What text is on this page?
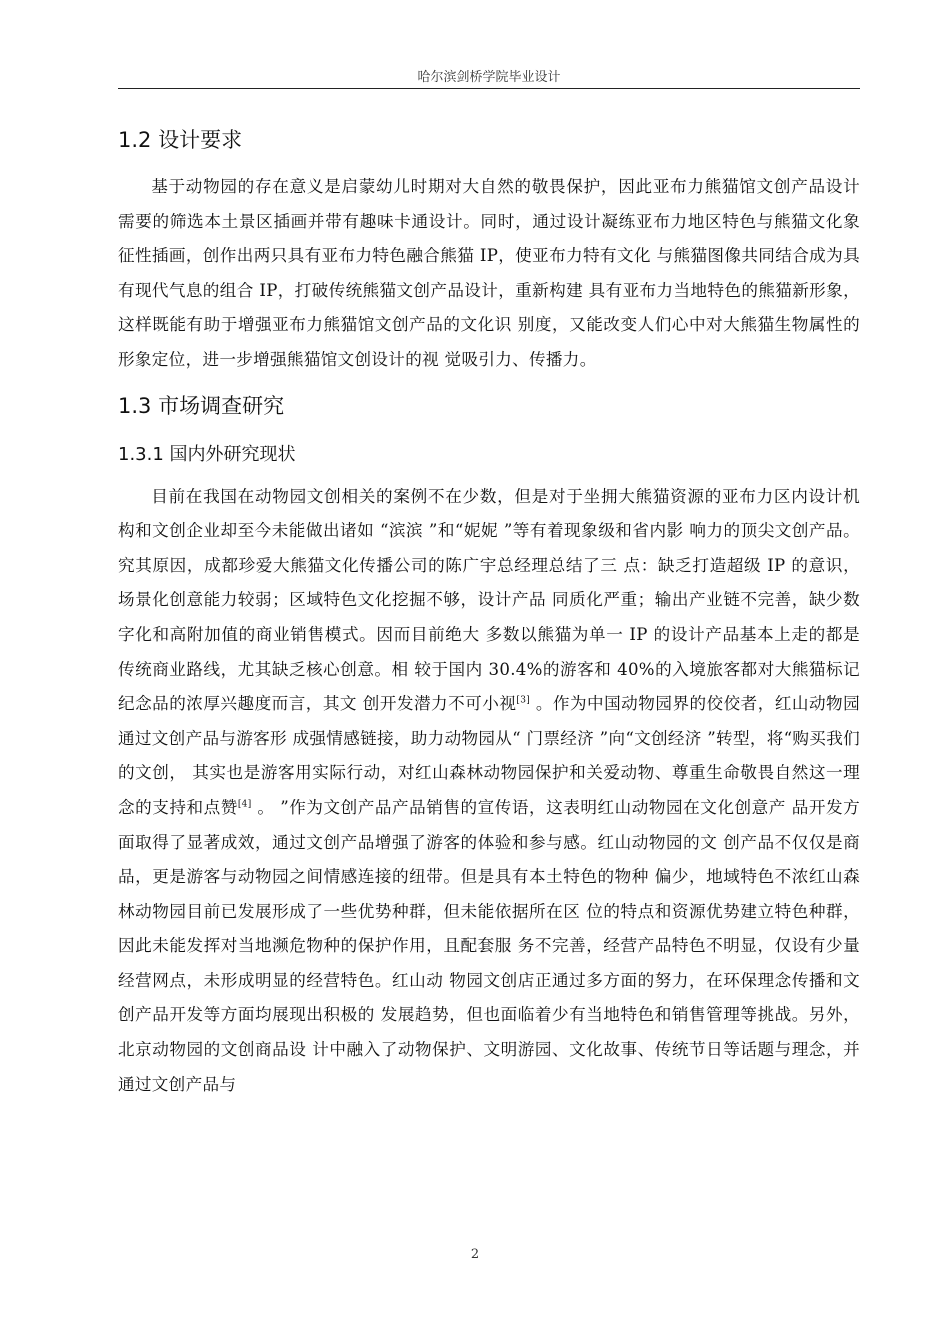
哈尔滨剑桥学院毕业设计
1.2 设计要求

基于动物园的存在意义是启蒙幼儿时期对大自然的敬畏保护，因此亚布力熊猫馆文创产品设计需要的筛选本土景区插画并带有趣味卡通设计。同时，通过设计凝练亚布力地区特色与熊猫文化象征性插画，创作出两只具有亚布力特色融合熊猫 IP，使亚布力特有文化 与熊猫图像共同结合成为具有现代气息的组合 IP，打破传统熊猫文创产品设计，重新构建 具有亚布力当地特色的熊猫新形象，这样既能有助于增强亚布力熊猫馆文创产品的文化识 别度，又能改变人们心中对大熊猫生物属性的形象定位，进一步增强熊猫馆文创设计的视 觉吸引力、传播力。

1.3 市场调查研究
1.3.1 国内外研究现状

目前在我国在动物园文创相关的案例不在少数，但是对于坐拥大熊猫资源的亚布力区内设计机构和文创企业却至今未能做出诸如 “滨滨 ”和“妮妮 ”等有着现象级和省内影 响力的顶尖文创产品。究其原因，成都珍爱大熊猫文化传播公司的陈广宇总经理总结了三 点：缺乏打造超级 IP 的意识，场景化创意能力较弱；区域特色文化挖掘不够，设计产品 同质化严重；输出产业链不完善，缺少数字化和高附加值的商业销售模式。因而目前绝大 多数以熊猫为单一 IP 的设计产品基本上走的都是传统商业路线，尤其缺乏核心创意。相 较于国内 30.4%的游客和 40%的入境旅客都对大熊猫标记纪念品的浓厚兴趣度而言，其文 创开发潜力不可小视[3] 。作为中国动物园界的佼佼者，红山动物园通过文创产品与游客形 成强情感链接，助力动物园从“ 门票经济 ”向“文创经济 ”转型，将“购买我们的文创， 其实也是游客用实际行动，对红山森林动物园保护和关爱动物、尊重生命敬畏自然这一理 念的支持和点赞[4] 。 ”作为文创产品产品销售的宣传语，这表明红山动物园在文化创意产 品开发方面取得了显著成效，通过文创产品增强了游客的体验和参与感。红山动物园的文 创产品不仅仅是商品，更是游客与动物园之间情感连接的纽带。但是具有本土特色的物种 偏少，地域特色不浓红山森林动物园目前已发展形成了一些优势种群，但未能依据所在区 位的特点和资源优势建立特色种群，因此未能发挥对当地濒危物种的保护作用，且配套服 务不完善，经营产品特色不明显，仅设有少量经营网点，未形成明显的经营特色。红山动 物园文创店正通过多方面的努力，在环保理念传播和文创产品开发等方面均展现出积极的 发展趋势，但也面临着少有当地特色和销售管理等挑战。另外，北京动物园的文创商品设 计中融入了动物保护、文明游园、文化故事、传统节日等话题与理念，并通过文创产品与

2
